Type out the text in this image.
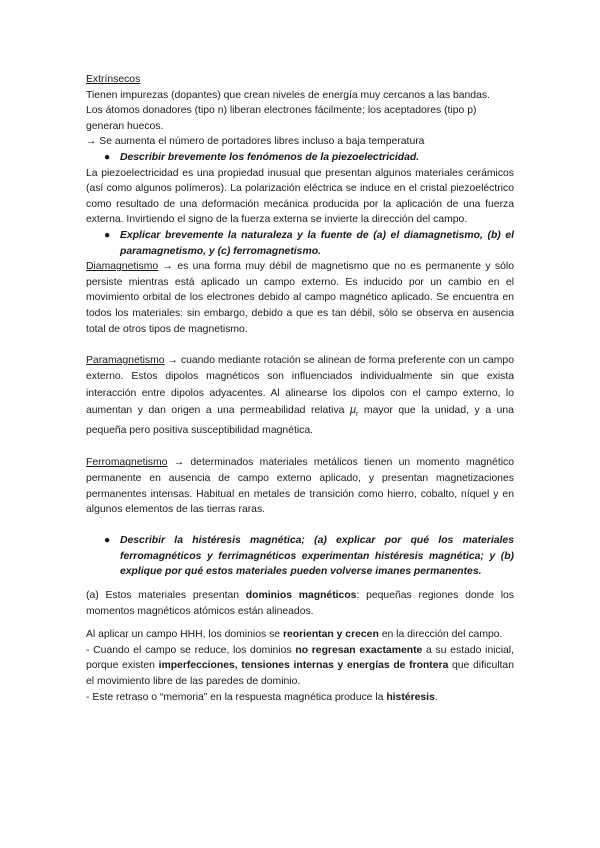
Extrínsecos

Tienen impurezas (dopantes) que crean niveles de energía muy cercanos a las bandas.

Los átomos donadores (tipo n) liberan electrones fácilmente; los aceptadores (tipo p) generan huecos.

→ Se aumenta el número de portadores libres incluso a baja temperatura

● Describir brevemente los fenómenos de la piezoelectricidad.

La piezoelectricidad es una propiedad inusual que presentan algunos materiales cerámicos (así como algunos polímeros). La polarización eléctrica se induce en el cristal piezoeléctrico como resultado de una deformación mecánica producida por la aplicación de una fuerza externa. Invirtiendo el signo de la fuerza externa se invierte la dirección del campo.

● Explicar brevemente la naturaleza y la fuente de (a) el diamagnetismo, (b) el paramagnetismo, y (c) ferromagnetismo.

Diamagnetismo → es una forma muy débil de magnetismo que no es permanente y sólo persiste mientras está aplicado un campo externo. Es inducido por un cambio en el movimiento orbital de los electrones debido al campo magnético aplicado. Se encuentra en todos los materiales: sin embargo, debido a que es tan débil, sólo se observa en ausencia total de otros tipos de magnetismo.

Paramagnetismo → cuando mediante rotación se alinean de forma preferente con un campo externo. Estos dipolos magnéticos son influenciados individualmente sin que exista interacción entre dipolos adyacentes. Al alinearse los dipolos con el campo externo, lo aumentan y dan origen a una permeabilidad relativa $\mu_r$ mayor que la unidad, y a una pequeña pero positiva susceptibilidad magnética.

Ferromagnetismo → determinados materiales metálicos tienen un momento magnético permanente en ausencia de campo externo aplicado, y presentan magnetizaciones permanentes intensas. Habitual en metales de transición como hierro, cobalto, níquel y en algunos elementos de las tierras raras.

● Describir la histéresis magnética; (a) explicar por qué los materiales ferromagnéticos y ferrimagnéticos experimentan histéresis magnética; y (b) explique por qué estos materiales pueden volverse imanes permanentes.

(a) Estos materiales presentan dominios magnéticos: pequeñas regiones donde los momentos magnéticos atómicos están alineados.

Al aplicar un campo HHH, los dominios se reorientan y crecen en la dirección del campo.

- Cuando el campo se reduce, los dominios no regresan exactamente a su estado inicial, porque existen imperfecciones, tensiones internas y energías de frontera que dificultan el movimiento libre de las paredes de dominio.

- Este retraso o “memoria” en la respuesta magnética produce la histéresis.
